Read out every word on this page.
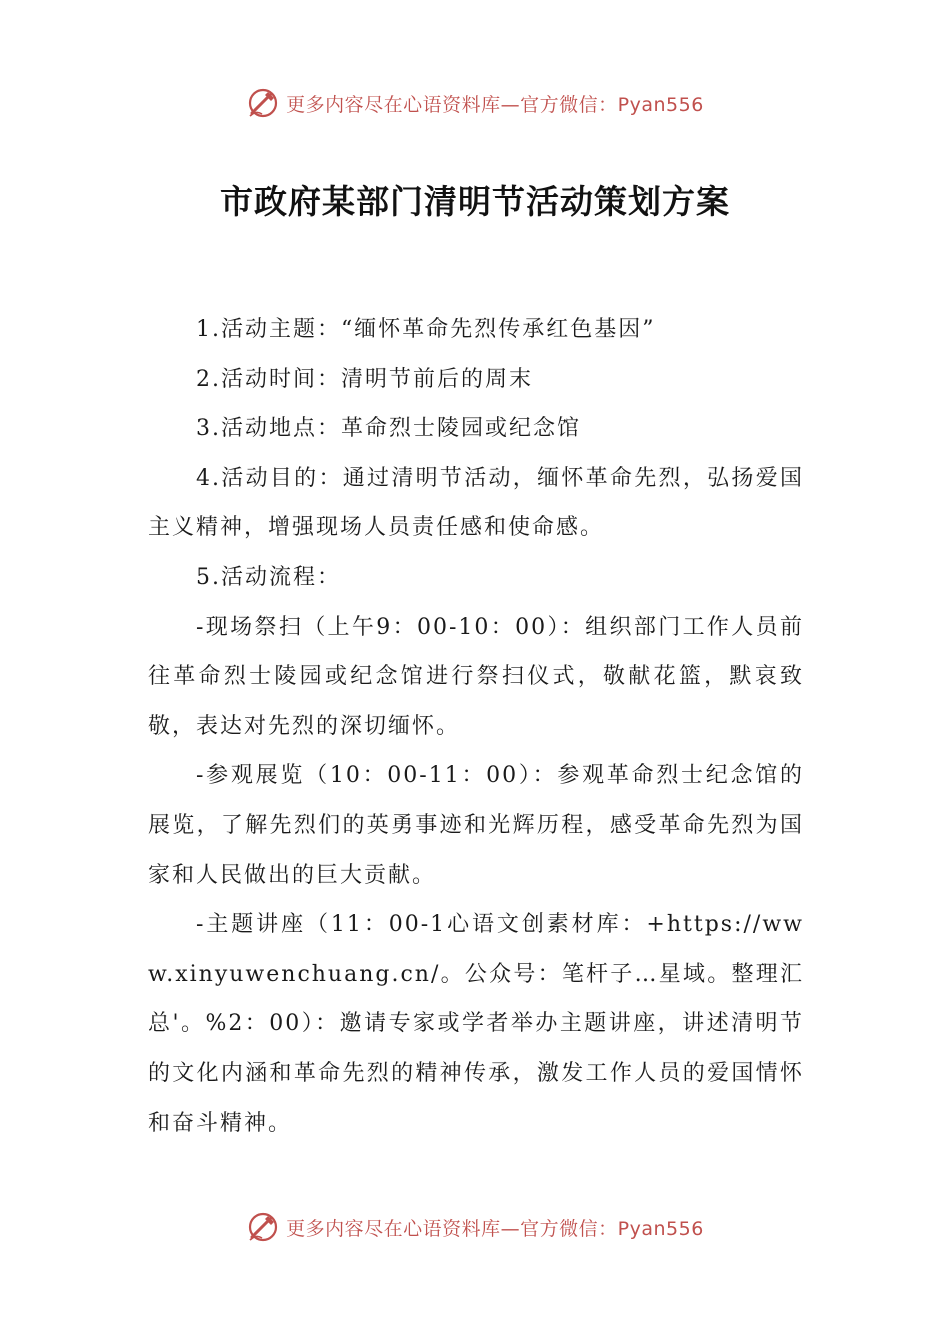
更多内容尽在心语资料库—官方微信：Pyan556
市政府某部门清明节活动策划方案

1.活动主题：“缅怀革命先烈传承红色基因”

2.活动时间：清明节前后的周末

3.活动地点：革命烈士陵园或纪念馆

4.活动目的：通过清明节活动，缅怀革命先烈，弘扬爱国主义精神，增强现场人员责任感和使命感。

5.活动流程：

-现场祭扫（上午9：00-10：00）：组织部门工作人员前往革命烈士陵园或纪念馆进行祭扫仪式，敬献花篮，默哀致敬，表达对先烈的深切缅怀。

-参观展览（10：00-11：00）：参观革命烈士纪念馆的展览，了解先烈们的英勇事迹和光辉历程，感受革命先烈为国家和人民做出的巨大贡献。

-主题讲座（11：00-1心语文创素材库：+https://www.xinyuwenchuang.cn/。公众号：笔杆子…星域。整理汇总'。%2：00）：邀请专家或学者举办主题讲座，讲述清明节的文化内涵和革命先烈的精神传承，激发工作人员的爱国情怀和奋斗精神。

更多内容尽在心语资料库—官方微信：Pyan556
